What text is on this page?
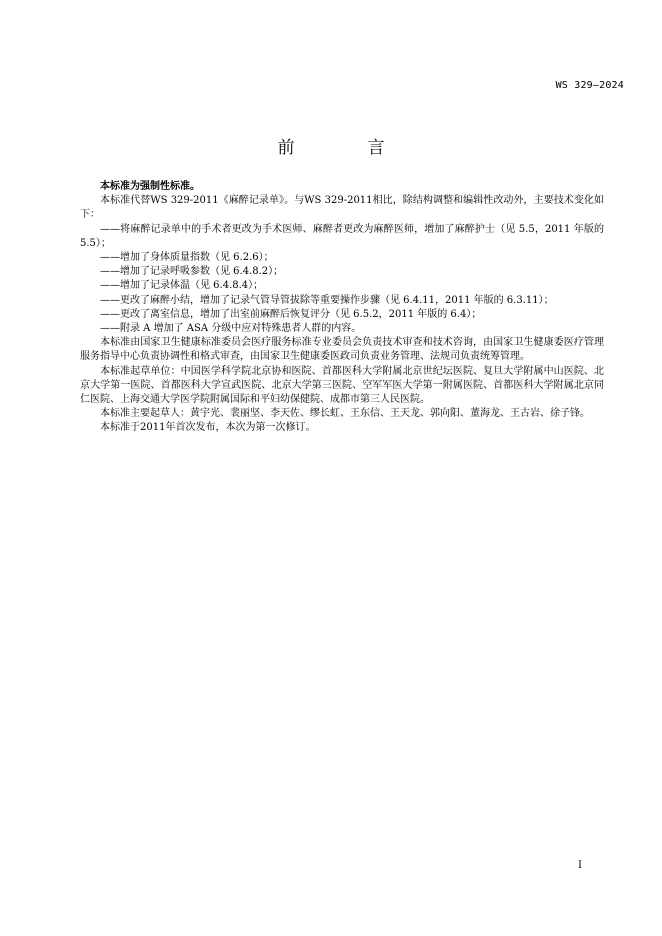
WS 329—2024
前　言

本标准为强制性标准。

本标准代替WS 329-2011《麻醉记录单》。与WS 329-2011相比，除结构调整和编辑性改动外，主要技术变化如下：

——将麻醉记录单中的手术者更改为手术医师、麻醉者更改为麻醉医师，增加了麻醉护士（见 5.5，2011 年版的 5.5）；
——增加了身体质量指数（见 6.2.6）；
——增加了记录呼吸参数（见 6.4.8.2）；
——增加了记录体温（见 6.4.8.4）；
——更改了麻醉小结，增加了记录气管导管拔除等重要操作步骤（见 6.4.11，2011 年版的 6.3.11）；
——更改了离室信息，增加了出室前麻醉后恢复评分（见 6.5.2，2011 年版的 6.4）；
——附录 A 增加了 ASA 分级中应对特殊患者人群的内容。

本标准由国家卫生健康标准委员会医疗服务标准专业委员会负责技术审查和技术咨询，由国家卫生健康委医疗管理服务指导中心负责协调性和格式审查，由国家卫生健康委医政司负责业务管理、法规司负责统筹管理。

本标准起草单位：中国医学科学院北京协和医院、首都医科大学附属北京世纪坛医院、复旦大学附属中山医院、北京大学第一医院、首都医科大学宣武医院、北京大学第三医院、空军军医大学第一附属医院、首都医科大学附属北京同仁医院、上海交通大学医学院附属国际和平妇幼保健院、成都市第三人民医院。

本标准主要起草人：黄宇光、裴丽坚、李天佐、缪长虹、王东信、王天龙、郭向阳、董海龙、王古岩、徐子锋。

本标准于2011年首次发布，本次为第一次修订。

I
